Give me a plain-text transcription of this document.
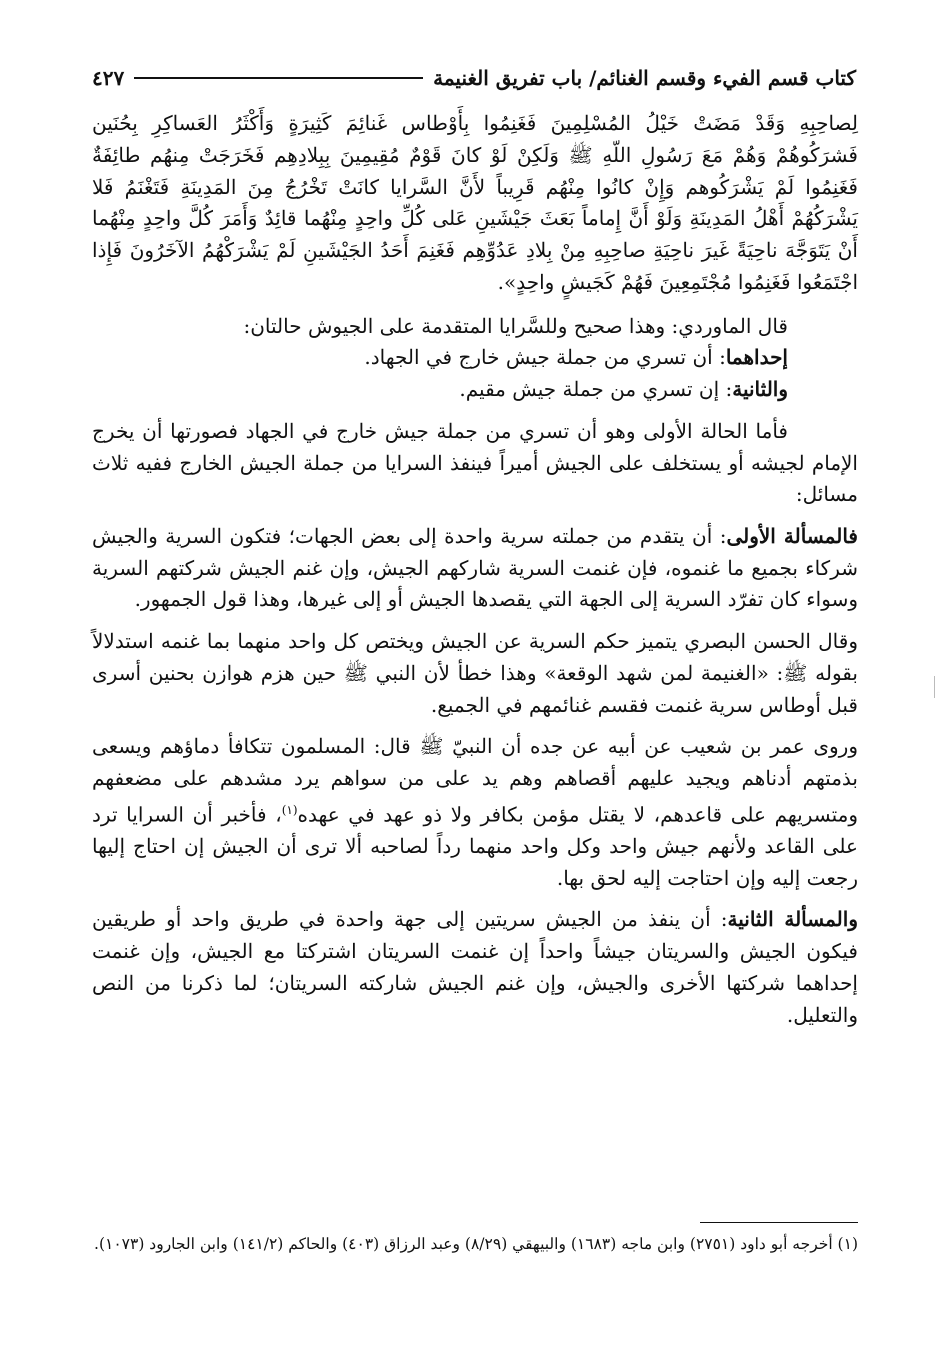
كتاب قسم الفيء وقسم الغنائم/ باب تفريق الغنيمة
٤٢٧

لِصاحِبِهِ وَقَدْ مَضَتْ خَيْلُ المُسْلِمِينَ فَغَنِمُوا بِأَوْطاس غَنائِمَ كَثِيرَةٍ وَأَكْثَرُ العَساكِرِ بِحُنَين فَشرَكُوهُمْ وَهُمْ مَعَ رَسُولِ اللّهِ ﷺ وَلَكِنْ لَوْ كانَ قَوْمٌ مُقِيمِينَ بِبِلادِهِم فَخَرَجَتْ مِنهُم طائِفَةٌ فَغَنِمُوا لَمْ يَشْرَكُوهم وَإِنْ كانُوا مِنْهُم قَرِيباً لأَنَّ السَّرايا كانَتْ تَخْرُجُ مِنَ المَدِينَةِ فَتَغْنَمُ فَلا يَشْرَكُهُمْ أَهْلُ المَدِينَةِ وَلَوْ أَنَّ إِماماً بَعَثَ جَيْشَينِ عَلى كُلِّ واحِدٍ مِنْهُما قائِدٌ وَأَمَرَ كُلَّ واحِدٍ مِنْهُما أَنْ يَتَوَجَّهَ ناحِيَةً غَيرَ ناحِيَةِ صاحِبِهِ مِنْ بِلادِ عَدُوِّهِم فَغَنِمَ أَحَدُ الجَيْشَينِ لَمْ يَشْرَكْهُمُ الآخَرُونَ فَإِذا اجْتَمَعُوا فَغَنِمُوا مُجْتَمِعِينَ فَهُمْ كَجَيشٍ واحِدٍ».

قال الماوردي: وهذا صحيح وللسَّرايا المتقدمة على الجيوش حالتان:
إحداهما: أن تسري من جملة جيش خارج في الجهاد.
والثانية: إن تسري من جملة جيش مقيم.

فأما الحالة الأولى وهو أن تسري من جملة جيش خارج في الجهاد فصورتها أن يخرج الإمام لجيشه أو يستخلف على الجيش أميراً فينفذ السرايا من جملة الجيش الخارج ففيه ثلاث مسائل:

فالمسألة الأولى: أن يتقدم من جملته سرية واحدة إلى بعض الجهات؛ فتكون السرية والجيش شركاء بجميع ما غنموه، فإن غنمت السرية شاركهم الجيش، وإن غنم الجيش شركتهم السرية وسواء كان تفرّد السرية إلى الجهة التي يقصدها الجيش أو إلى غيرها، وهذا قول الجمهور.

وقال الحسن البصري يتميز حكم السرية عن الجيش ويختص كل واحد منهما بما غنمه استدلالاً بقوله ﷺ: «الغنيمة لمن شهد الوقعة» وهذا خطأ لأن النبي ﷺ حين هزم هوازن بحنين أسرى قبل أوطاس سرية غنمت فقسم غنائمهم في الجميع.

وروى عمر بن شعيب عن أبيه عن جده أن النبيّ ﷺ قال: المسلمون تتكافأ دماؤهم ويسعى بذمتهم أدناهم ويجيد عليهم أقصاهم وهم يد على من سواهم يرد مشدهم على مضعفهم ومتسريهم على قاعدهم، لا يقتل مؤمن بكافر ولا ذو عهد في عهده$^{(١)}$، فأخبر أن السرايا ترد على القاعد ولأنهم جيش واحد وكل واحد منهما رداً لصاحبه ألا ترى أن الجيش إن احتاج إليها رجعت إليه وإن احتاجت إليه لحق بها.

والمسألة الثانية: أن ينفذ من الجيش سريتين إلى جهة واحدة في طريق واحد أو طريقين فيكون الجيش والسريتان جيشاً واحداً إن غنمت السريتان اشتركتا مع الجيش، وإن غنمت إحداهما شركتها الأخرى والجيش، وإن غنم الجيش شاركته السريتان؛ لما ذكرنا من النص والتعليل.

(١) أخرجه أبو داود (٢٧٥١) وابن ماجه (١٦٨٣) والبيهقي (٨/٢٩) وعبد الرزاق (٤٠٣) والحاكم (١٤١/٢) وابن الجارود (١٠٧٣).
